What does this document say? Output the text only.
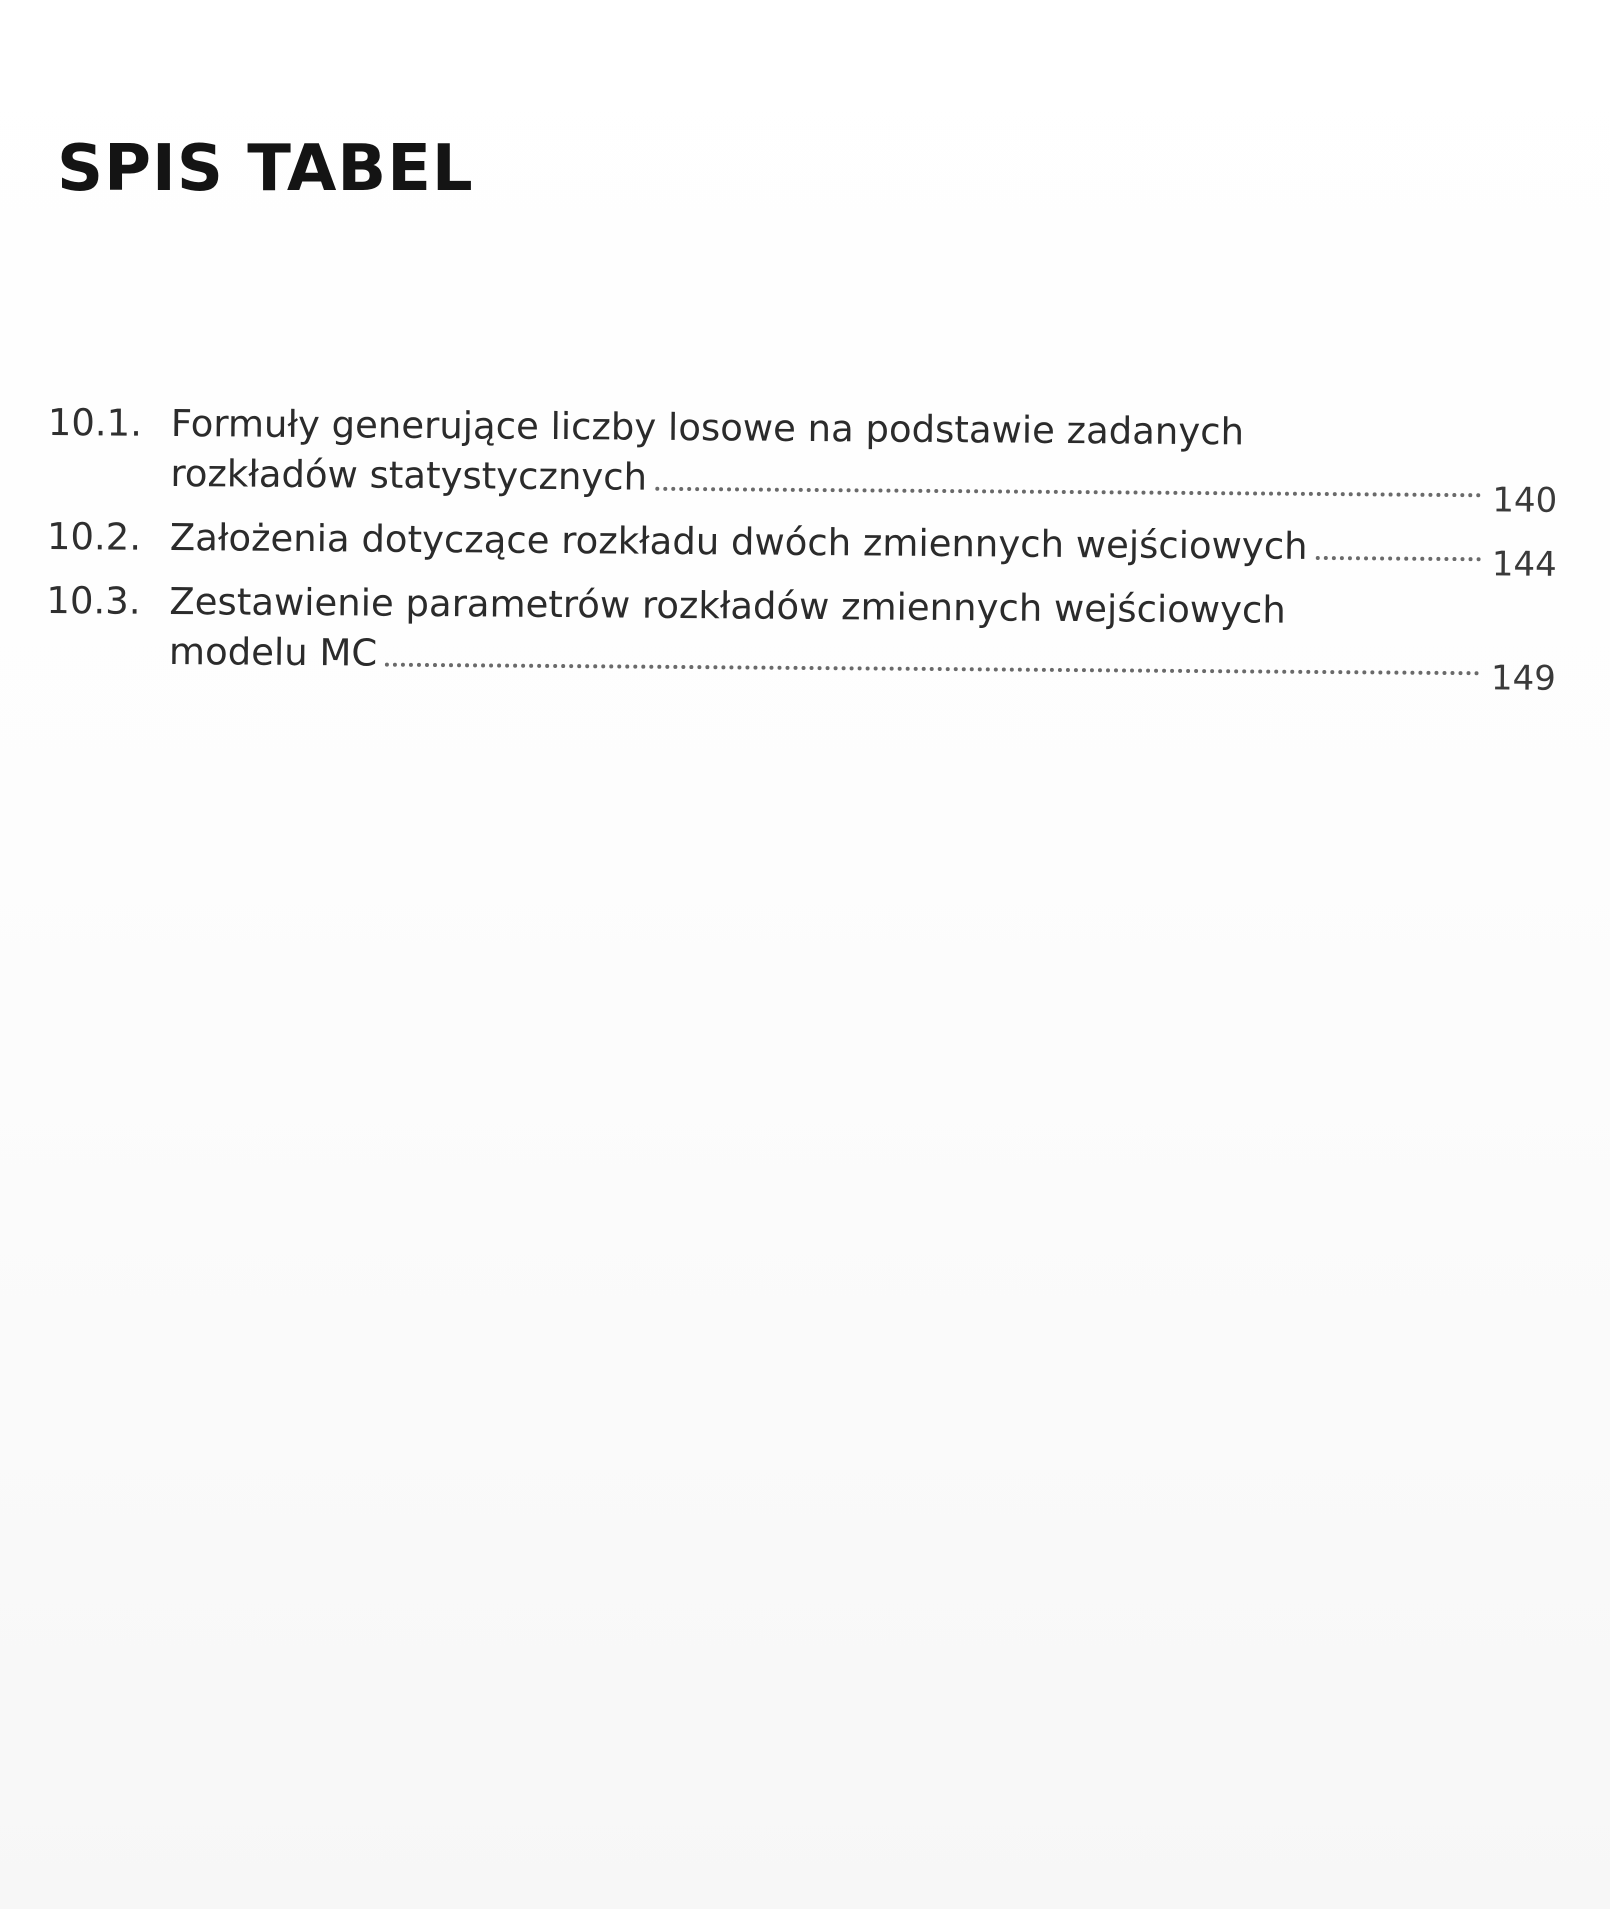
SPIS TABEL
10.1. Formuły generujące liczby losowe na podstawie zadanych
rozkładów statystycznych
140
10.2. Założenia dotyczące rozkładu dwóch zmiennych wejściowych	144
10.3. Zestawienie parametrów rozkładów zmiennych wejściowych
modelu MC
149
